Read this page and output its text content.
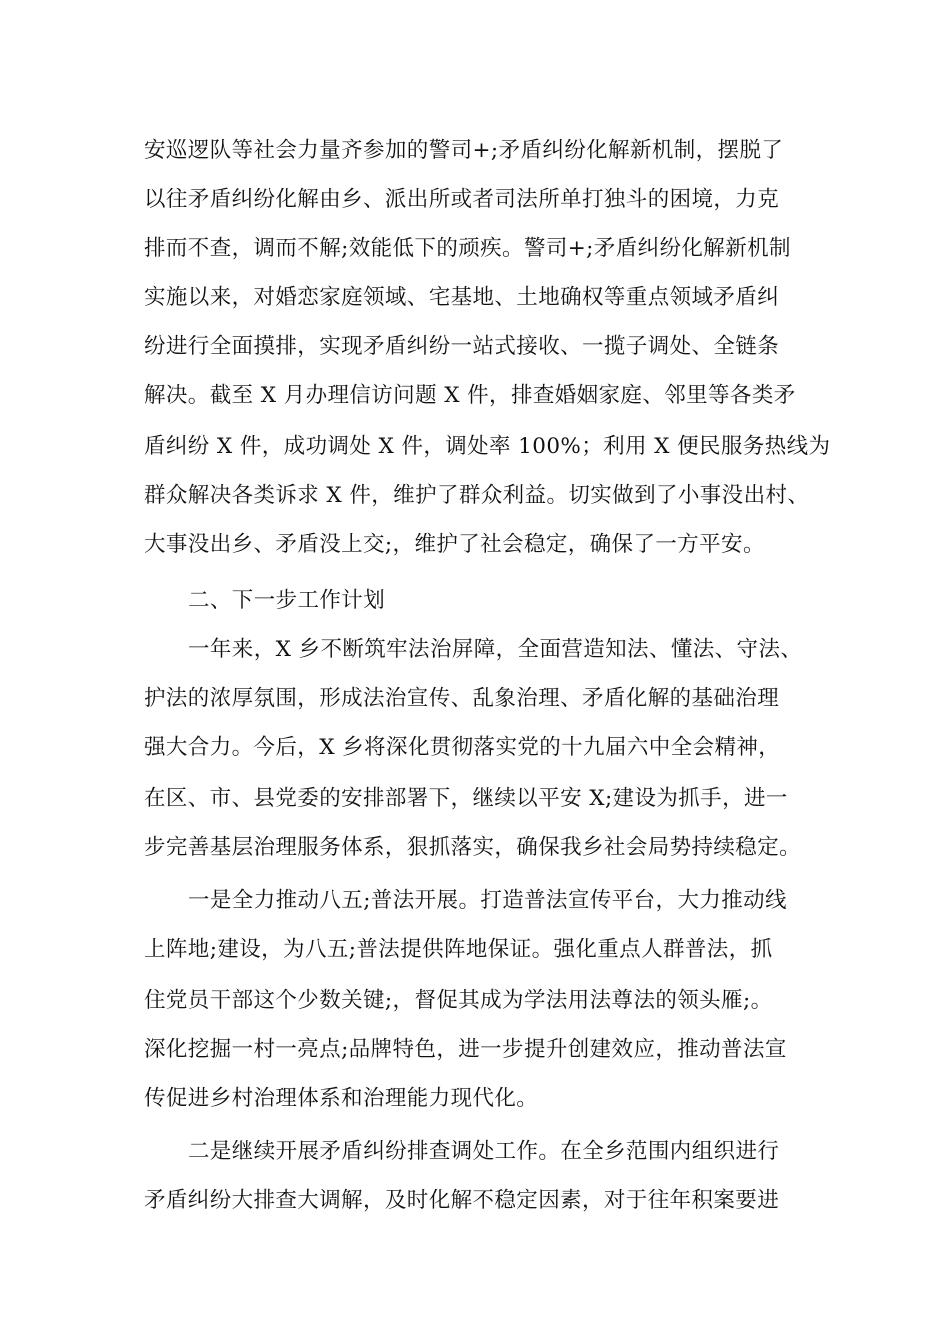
安巡逻队等社会力量齐参加的警司+;矛盾纠纷化解新机制，摆脱了
以往矛盾纠纷化解由乡、派出所或者司法所单打独斗的困境，力克
排而不查，调而不解;效能低下的顽疾。警司+;矛盾纠纷化解新机制
实施以来，对婚恋家庭领域、宅基地、土地确权等重点领域矛盾纠
纷进行全面摸排，实现矛盾纠纷一站式接收、一揽子调处、全链条
解决。截至 X 月办理信访问题 X 件，排查婚姻家庭、邻里等各类矛
盾纠纷 X 件，成功调处 X 件，调处率 100%；利用 X 便民服务热线为
群众解决各类诉求 X 件，维护了群众利益。切实做到了小事没出村、
大事没出乡、矛盾没上交;，维护了社会稳定，确保了一方平安。
二、下一步工作计划
一年来，X 乡不断筑牢法治屏障，全面营造知法、懂法、守法、
护法的浓厚氛围，形成法治宣传、乱象治理、矛盾化解的基础治理
强大合力。今后，X 乡将深化贯彻落实党的十九届六中全会精神，
在区、市、县党委的安排部署下，继续以平安 X;建设为抓手，进一
步完善基层治理服务体系，狠抓落实，确保我乡社会局势持续稳定。
一是全力推动八五;普法开展。打造普法宣传平台，大力推动线
上阵地;建设，为八五;普法提供阵地保证。强化重点人群普法，抓
住党员干部这个少数关键;，督促其成为学法用法尊法的领头雁;。
深化挖掘一村一亮点;品牌特色，进一步提升创建效应，推动普法宣
传促进乡村治理体系和治理能力现代化。
二是继续开展矛盾纠纷排查调处工作。在全乡范围内组织进行
矛盾纠纷大排查大调解，及时化解不稳定因素，对于往年积案要进
